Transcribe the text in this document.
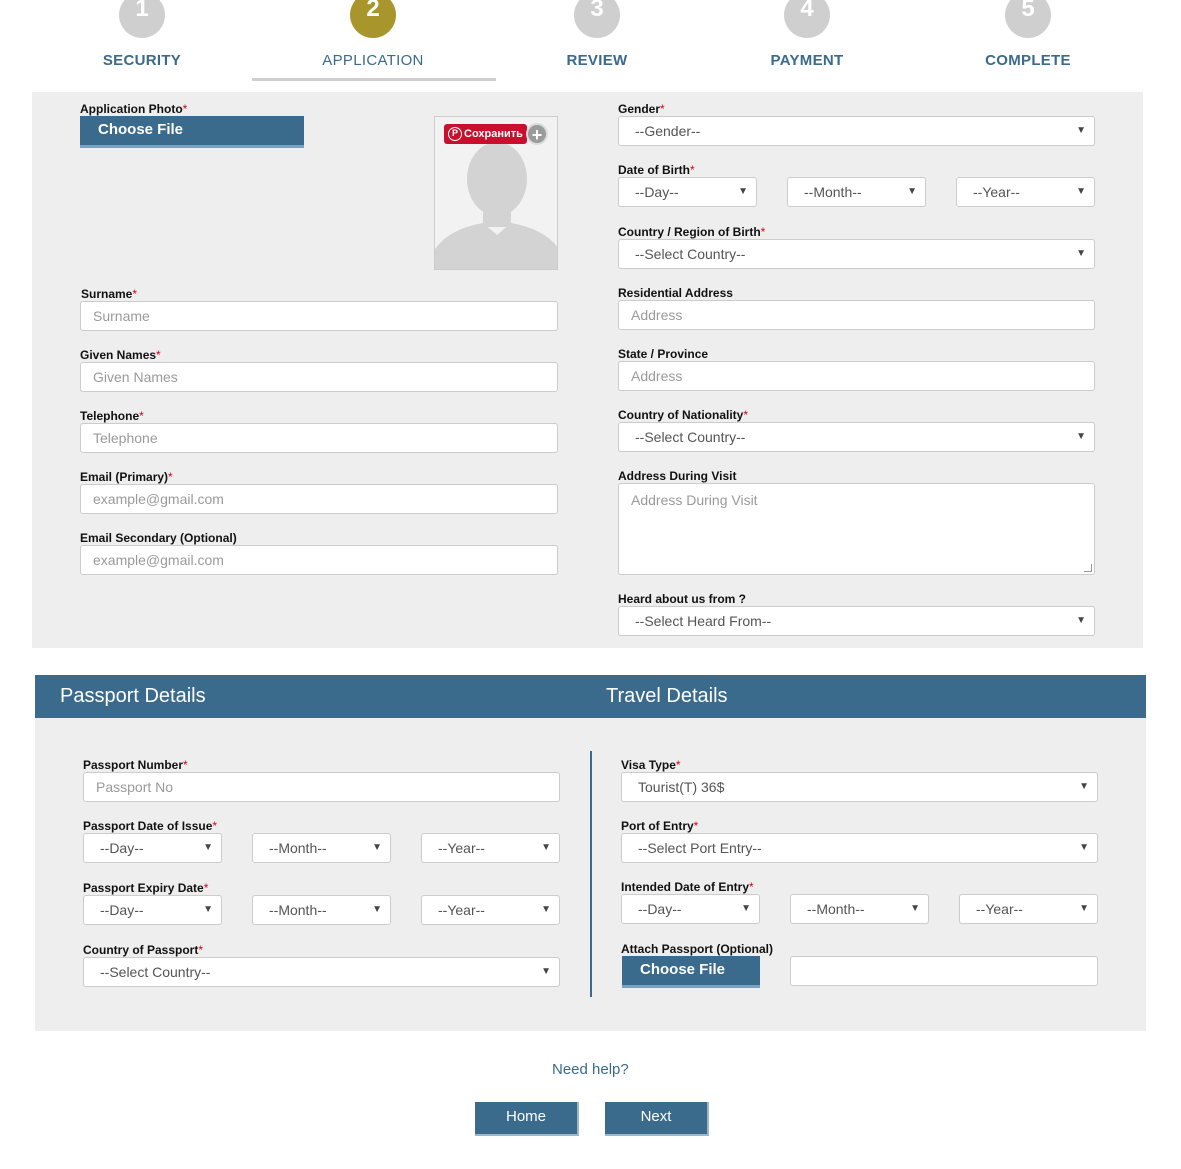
1
SECURITY
2
APPLICATION
3
REVIEW
4
PAYMENT
5
COMPLETE
Application Photo*
Choose File	P Сохранить +
Surname*
Surname
Given Names*
Given Names
Telephone*
Telephone
Email (Primary)*
example@gmail.com
Email Secondary (Optional)
example@gmail.com
Gender*
--Gender--	▼
Date of Birth*
--Day--	▼	--Month--	▼	--Year--	▼
Country / Region of Birth*
--Select Country--	▼
Residential Address
Address
State / Province
Address
Country of Nationality*
--Select Country--	▼
Address During Visit
Address During Visit
Heard about us from ?
--Select Heard From--	▼
Passport Details	Travel Details
Passport Number*
Passport No
Passport Date of Issue*
--Day--	▼	--Month--	▼	--Year--	▼
Passport Expiry Date*
--Day--	▼	--Month--	▼	--Year--	▼
Country of Passport*
--Select Country--	▼
Visa Type*
Tourist(T) 36$	▼
Port of Entry*
--Select Port Entry--	▼
Intended Date of Entry*
--Day--	▼	--Month--	▼	--Year--	▼
Attach Passport (Optional)
Choose File
Need help?
Home	Next
